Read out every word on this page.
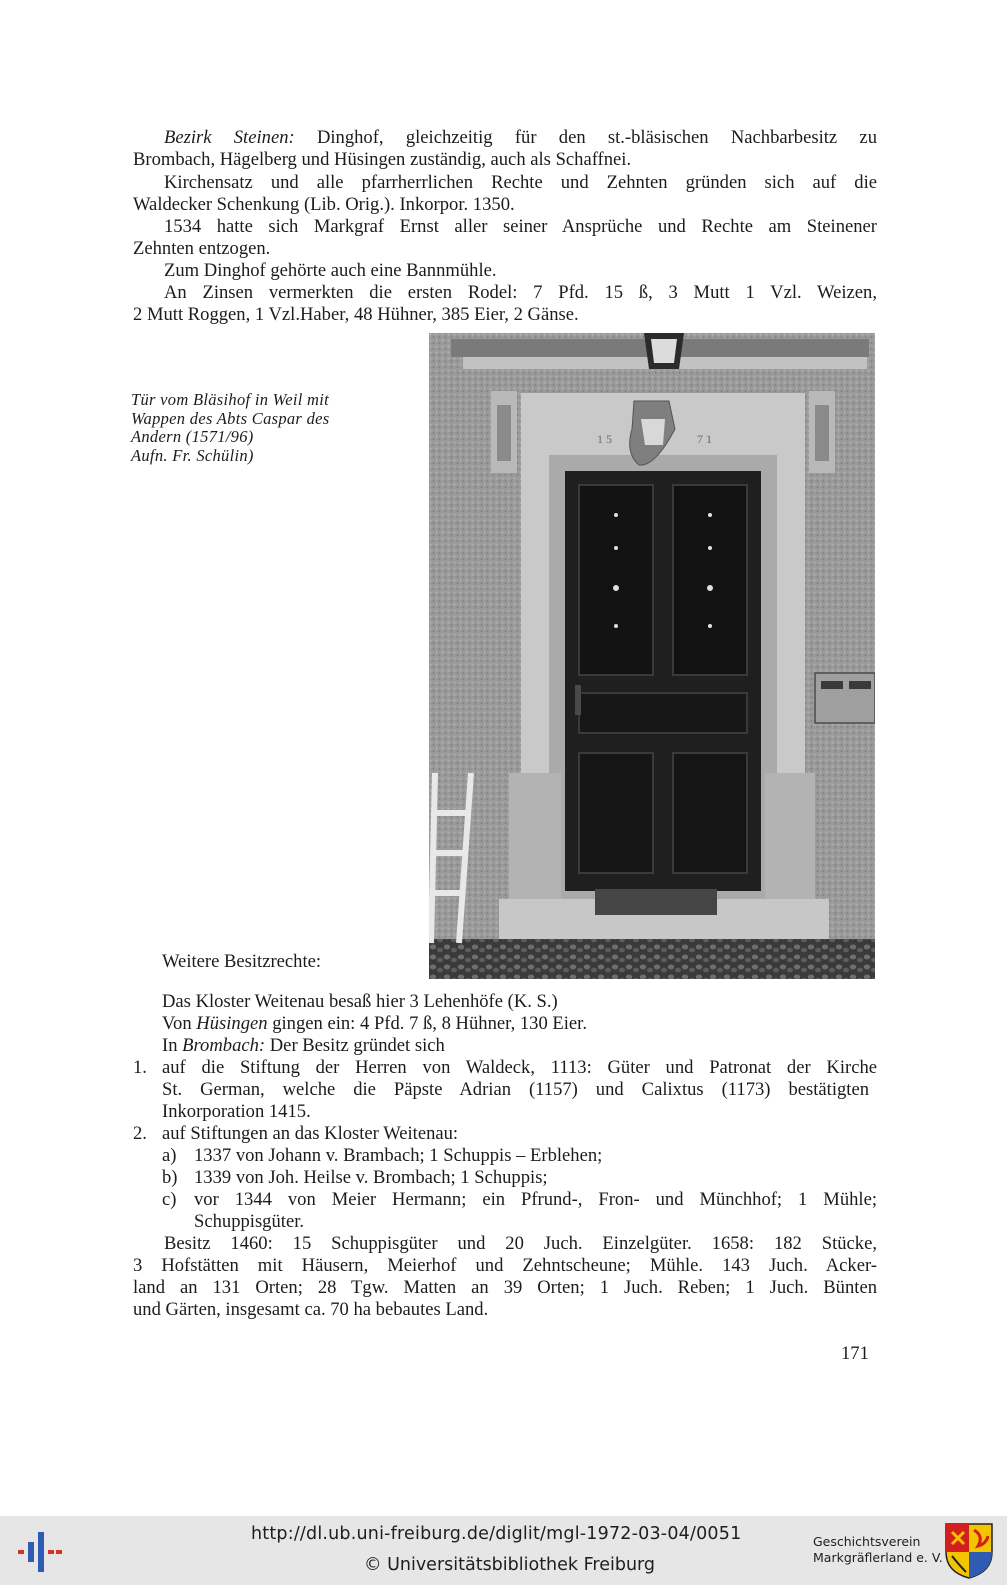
Bezirk Steinen: Dinghof, gleichzeitig für den st.-bläsischen Nachbarbesitz zu

Brombach, Hägelberg und Hüsingen zuständig, auch als Schaffnei.

Kirchensatz und alle pfarrherrlichen Rechte und Zehnten gründen sich auf die

Waldecker Schenkung (Lib. Orig.). Inkorpor. 1350.

1534 hatte sich Markgraf Ernst aller seiner Ansprüche und Rechte am Steinener

Zehnten entzogen.

Zum Dinghof gehörte auch eine Bannmühle.

An Zinsen vermerkten die ersten Rodel: 7 Pfd. 15 ß, 3 Mutt 1 Vzl. Weizen,

2 Mutt Roggen, 1 Vzl.Haber, 48 Hühner, 385 Eier, 2 Gänse.

Tür vom Bläsihof in Weil mit
Wappen des Abts Caspar des
Andern (1571/96)
Aufn. Fr. Schülin)
1 5	7 1

Weitere Besitzrechte:

Das Kloster Weitenau besaß hier 3 Lehenhöfe (K. S.)

Von Hüsingen gingen ein: 4 Pfd. 7 ß, 8 Hühner, 130 Eier.

In Brombach: Der Besitz gründet sich

1. auf die Stiftung der Herren von Waldeck, 1113: Güter und Patronat der Kirche

St. German, welche die Päpste Adrian (1157) und Calixtus (1173) bestätigten

Inkorporation 1415.

2. auf Stiftungen an das Kloster Weitenau:

a) 1337 von Johann v. Brambach; 1 Schuppis – Erblehen;

b) 1339 von Joh. Heilse v. Brombach; 1 Schuppis;

c) vor 1344 von Meier Hermann; ein Pfrund-, Fron- und Münchhof; 1 Mühle;

Schuppisgüter.

Besitz 1460: 15 Schuppisgüter und 20 Juch. Einzelgüter. 1658: 182 Stücke,

3 Hofstätten mit Häusern, Meierhof und Zehntscheune; Mühle. 143 Juch. Acker-

land an 131 Orten; 28 Tgw. Matten an 39 Orten; 1 Juch. Reben; 1 Juch. Bünten

und Gärten, insgesamt ca. 70 ha bebautes Land.

171

http://dl.ub.uni-freiburg.de/diglit/mgl-1972-03-04/0051
© Universitätsbibliothek Freiburg
Geschichtsverein
Markgräflerland e. V.
